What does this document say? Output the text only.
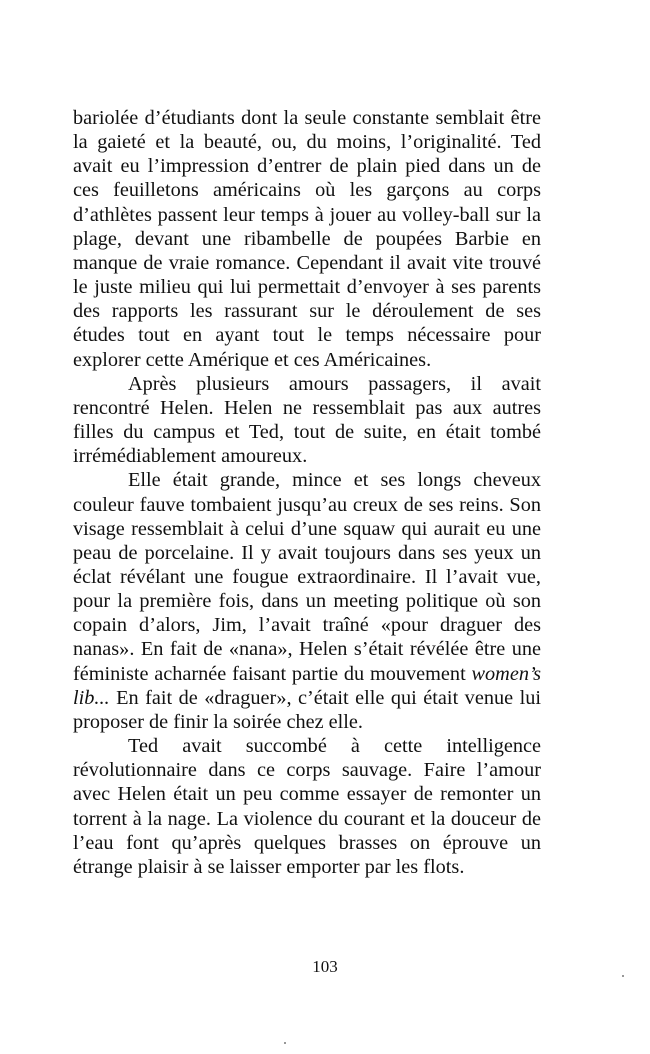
bariolée d’étudiants dont la seule constante semblait être la gaieté et la beauté, ou, du moins, l’originalité. Ted avait eu l’impression d’entrer de plain pied dans un de ces feuilletons américains où les garçons au corps d’athlètes passent leur temps à jouer au volley-ball sur la plage, devant une ribambelle de poupées Barbie en manque de vraie romance. Cependant il avait vite trouvé le juste milieu qui lui permettait d’envoyer à ses parents des rapports les rassurant sur le déroulement de ses études tout en ayant tout le temps nécessaire pour explorer cette Amérique et ces Américaines.

Après plusieurs amours passagers, il avait rencontré Helen. Helen ne ressemblait pas aux autres filles du campus et Ted, tout de suite, en était tombé irrémédiablement amoureux.

Elle était grande, mince et ses longs cheveux couleur fauve tombaient jusqu’au creux de ses reins. Son visage ressemblait à celui d’une squaw qui aurait eu une peau de porcelaine. Il y avait toujours dans ses yeux un éclat révélant une fougue extraordinaire. Il l’avait vue, pour la première fois, dans un meeting politique où son copain d’alors, Jim, l’avait traîné «pour draguer des nanas». En fait de «nana», Helen s’était révélée être une féministe acharnée faisant partie du mouvement women’s lib... En fait de «draguer», c’était elle qui était venue lui proposer de finir la soirée chez elle.

Ted avait succombé à cette intelligence révolutionnaire dans ce corps sauvage. Faire l’amour avec Helen était un peu comme essayer de remonter un torrent à la nage. La violence du courant et la douceur de l’eau font qu’après quelques brasses on éprouve un étrange plaisir à se laisser emporter par les flots.

103
